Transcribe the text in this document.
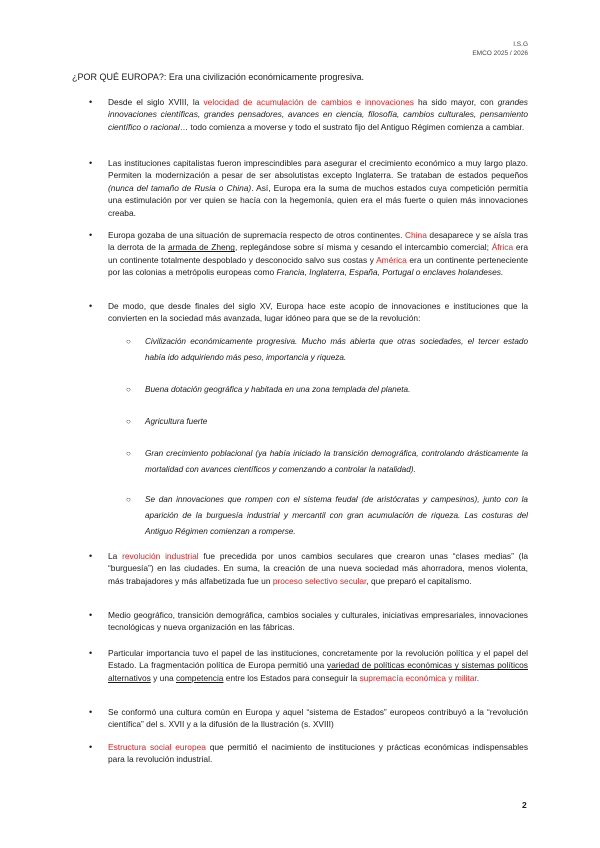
I.S.G
EMCO 2025 / 2026
¿POR QUÉ EUROPA?: Era una civilización económicamente progresiva.
• Desde el siglo XVIII, la velocidad de acumulación de cambios e innovaciones ha sido mayor, con grandes innovaciones científicas, grandes pensadores, avances en ciencia, filosofía, cambios culturales, pensamiento científico o racional… todo comienza a moverse y todo el sustrato fijo del Antiguo Régimen comienza a cambiar.
• Las instituciones capitalistas fueron imprescindibles para asegurar el crecimiento económico a muy largo plazo. Permiten la modernización a pesar de ser absolutistas excepto Inglaterra. Se trataban de estados pequeños (nunca del tamaño de Rusia o China). Así, Europa era la suma de muchos estados cuya competición permitía una estimulación por ver quien se hacía con la hegemonía, quien era el más fuerte o quien más innovaciones creaba.
• Europa gozaba de una situación de supremacía respecto de otros continentes. China desaparece y se aísla tras la derrota de la armada de Zheng, replegándose sobre sí misma y cesando el intercambio comercial; África era un continente totalmente despoblado y desconocido salvo sus costas y América era un continente perteneciente por las colonias a metrópolis europeas como Francia, Inglaterra, España, Portugal o enclaves holandeses.
• De modo, que desde finales del siglo XV, Europa hace este acopio de innovaciones e instituciones que la convierten en la sociedad más avanzada, lugar idóneo para que se de la revolución:
○ Civilización económicamente progresiva. Mucho más abierta que otras sociedades, el tercer estado había ido adquiriendo más peso, importancia y riqueza.
○ Buena dotación geográfica y habitada en una zona templada del planeta.
○ Agricultura fuerte
○ Gran crecimiento poblacional (ya había iniciado la transición demográfica, controlando drásticamente la mortalidad con avances científicos y comenzando a controlar la natalidad).
○ Se dan innovaciones que rompen con el sistema feudal (de aristócratas y campesinos), junto con la aparición de la burguesía industrial y mercantil con gran acumulación de riqueza. Las costuras del Antiguo Régimen comienzan a romperse.
• La revolución industrial fue precedida por unos cambios seculares que crearon unas “clases medias” (la “burguesía”) en las ciudades. En suma, la creación de una nueva sociedad más ahorradora, menos violenta, más trabajadores y más alfabetizada fue un proceso selectivo secular, que preparó el capitalismo.
• Medio geográfico, transición demográfica, cambios sociales y culturales, iniciativas empresariales, innovaciones tecnológicas y nueva organización en las fábricas.
• Particular importancia tuvo el papel de las instituciones, concretamente por la revolución política y el papel del Estado. La fragmentación política de Europa permitió una variedad de políticas económicas y sistemas políticos alternativos y una competencia entre los Estados para conseguir la supremacía económica y militar.
• Se conformó una cultura común en Europa y aquel “sistema de Estados” europeos contribuyó a la “revolución científica” del s. XVII y a la difusión de la Ilustración (s. XVIII)
• Estructura social europea que permitió el nacimiento de instituciones y prácticas económicas indispensables para la revolución industrial.
2
